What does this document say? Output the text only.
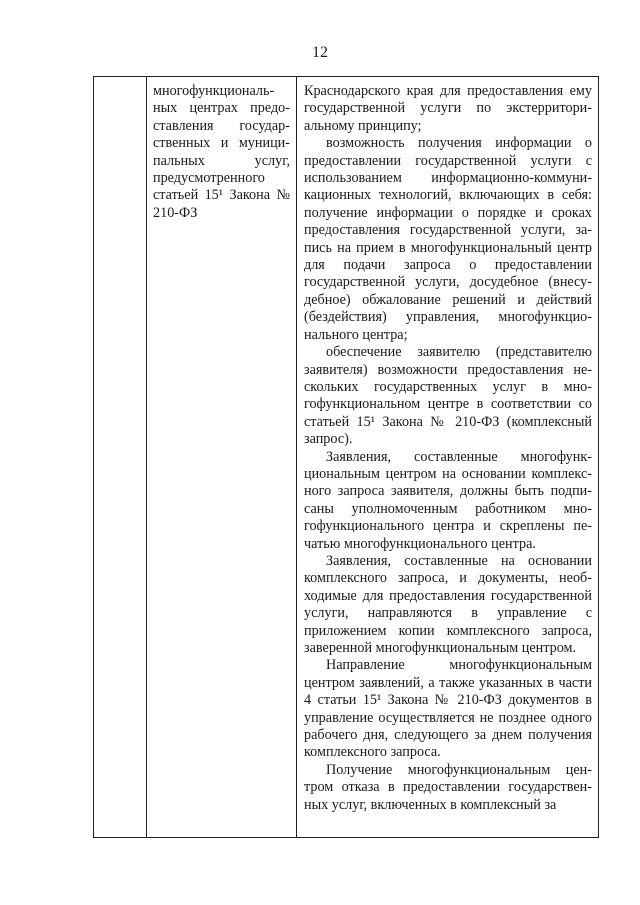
12
многофункциональных центрах предоставления государственных и муниципальных услуг, предусмотренного статьей 15¹ Закона № 210-ФЗ

Краснодарского края для предоставления ему государственной услуги по экстерриториальному принципу;

возможность получения информации о предоставлении государственной услуги с использованием информационно-коммуникационных технологий, включающих в себя: получение информации о порядке и сроках предоставления государственной услуги, запись на прием в многофункциональный центр для подачи запроса о предоставлении государственной услуги, досудебное (внесудебное) обжалование решений и действий (бездействия) управления, многофункционального центра;

обеспечение заявителю (представителю заявителя) возможности предоставления нескольких государственных услуг в многофункциональном центре в соответствии со статьей 15¹ Закона № 210-ФЗ (комплексный запрос).

Заявления, составленные многофункциональным центром на основании комплексного запроса заявителя, должны быть подписаны уполномоченным работником многофункционального центра и скреплены печатью многофункционального центра.

Заявления, составленные на основании комплексного запроса, и документы, необходимые для предоставления государственной услуги, направляются в управление с приложением копии комплексного запроса, заверенной многофункциональным центром.

Направление многофункциональным центром заявлений, а также указанных в части 4 статьи 15¹ Закона № 210-ФЗ документов в управление осуществляется не позднее одного рабочего дня, следующего за днем получения комплексного запроса.

Получение многофункциональным центром отказа в предоставлении государственных услуг, включенных в комплексный за
